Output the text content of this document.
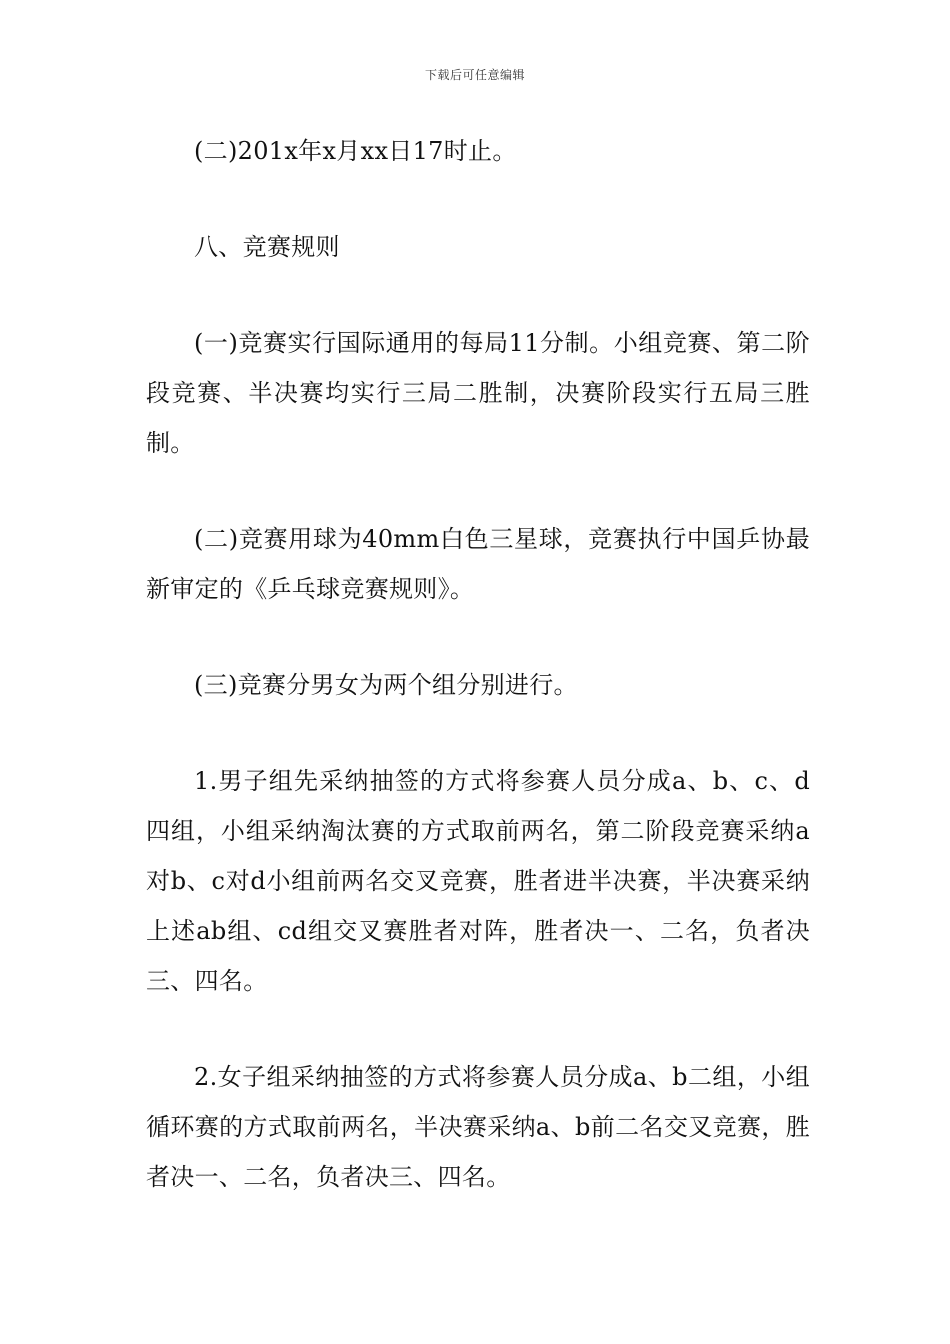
下载后可任意编辑

(二)201x年x月xx日17时止。

八、竞赛规则

(一)竞赛实行国际通用的每局11分制。小组竞赛、第二阶段竞赛、半决赛均实行三局二胜制，决赛阶段实行五局三胜制。

(二)竞赛用球为40mm白色三星球，竞赛执行中国乒协最新审定的《乒乓球竞赛规则》。

(三)竞赛分男女为两个组分别进行。

1.男子组先采纳抽签的方式将参赛人员分成a、b、c、d四组，小组采纳淘汰赛的方式取前两名，第二阶段竞赛采纳a对b、c对d小组前两名交叉竞赛，胜者进半决赛，半决赛采纳上述ab组、cd组交叉赛胜者对阵，胜者决一、二名，负者决三、四名。

2.女子组采纳抽签的方式将参赛人员分成a、b二组，小组循环赛的方式取前两名，半决赛采纳a、b前二名交叉竞赛，胜者决一、二名，负者决三、四名。
